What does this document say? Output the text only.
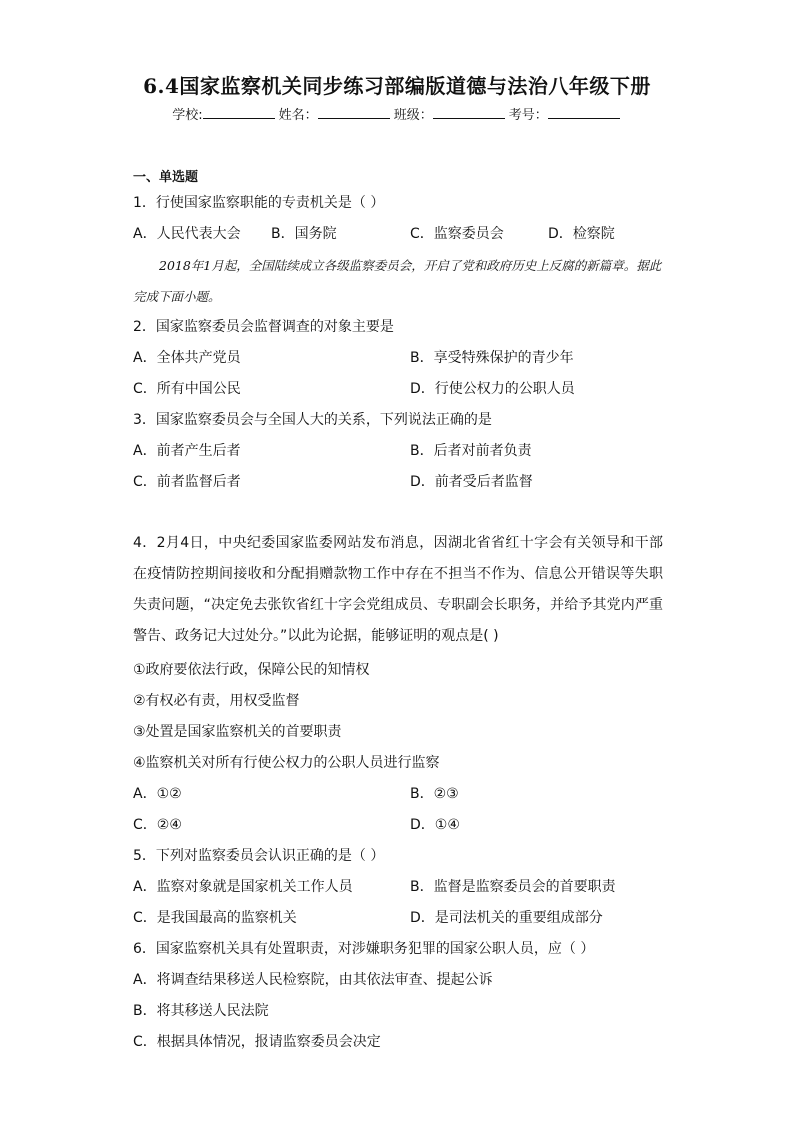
6.4国家监察机关同步练习部编版道德与法治八年级下册
学校:	姓名：	班级：	考号：
一、单选题
1．行使国家监察职能的专责机关是（ ）
A．人民代表大会 B．国务院	C．监察委员会	D．检察院
2018年1月起，全国陆续成立各级监察委员会，开启了党和政府历史上反腐的新篇章。据此完成下面小题。
2．国家监察委员会监督调查的对象主要是
A．全体共产党员	B．享受特殊保护的青少年
C．所有中国公民	D．行使公权力的公职人员
3．国家监察委员会与全国人大的关系，下列说法正确的是
A．前者产生后者	B．后者对前者负责
C．前者监督后者	D．前者受后者监督
4．2月4日，中央纪委国家监委网站发布消息，因湖北省省红十字会有关领导和干部在疫情防控期间接收和分配捐赠款物工作中存在不担当不作为、信息公开错误等失职失责问题，“决定免去张钦省红十字会党组成员、专职副会长职务，并给予其党内严重警告、政务记大过处分。”以此为论据，能够证明的观点是( )
①政府要依法行政，保障公民的知情权
②有权必有责，用权受监督
③处置是国家监察机关的首要职责
④监察机关对所有行使公权力的公职人员进行监察
A．①②	B．②③
C．②④	D．①④
5．下列对监察委员会认识正确的是（ ）
A．监察对象就是国家机关工作人员	B．监督是监察委员会的首要职责
C．是我国最高的监察机关	D．是司法机关的重要组成部分
6．国家监察机关具有处置职责，对涉嫌职务犯罪的国家公职人员，应（ ）
A．将调查结果移送人民检察院，由其依法审查、提起公诉
B．将其移送人民法院
C．根据具体情况，报请监察委员会决定
